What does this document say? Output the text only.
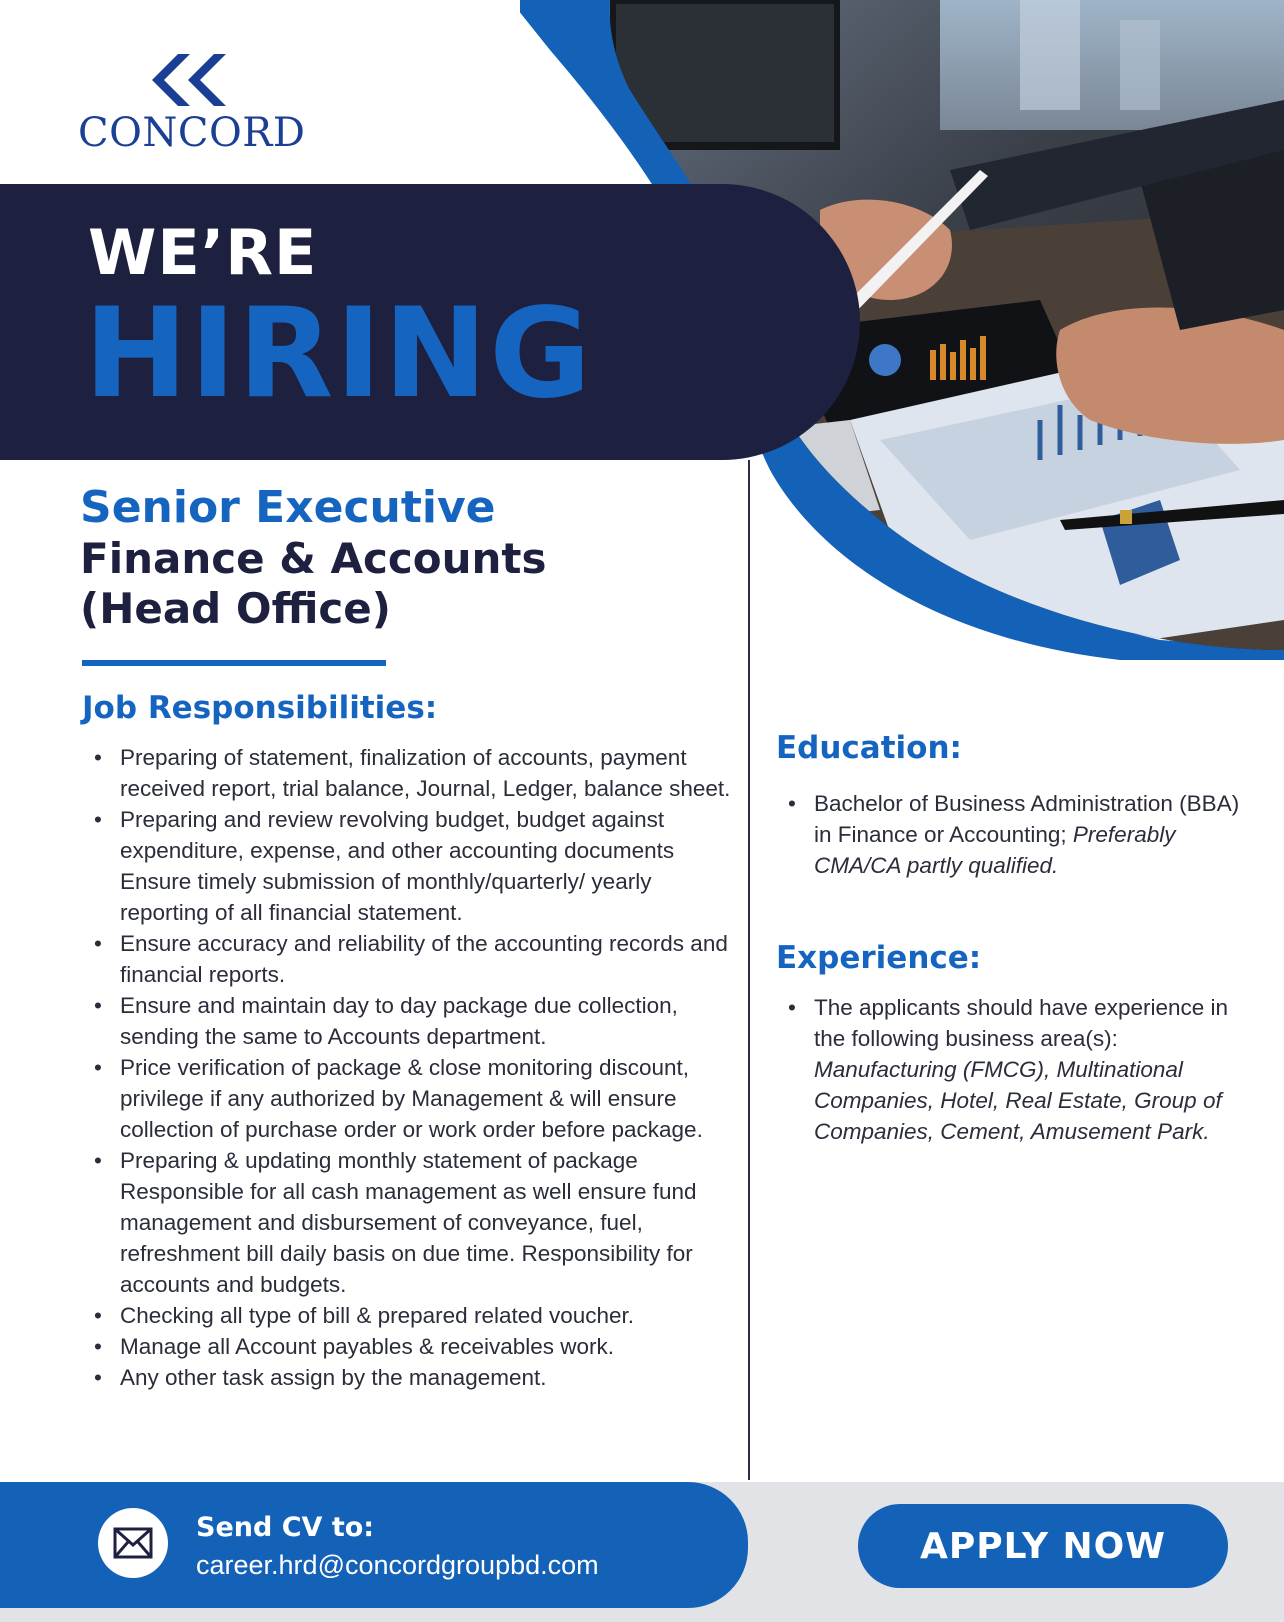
CONCORD
WE’RE
HIRING
Senior Executive
Finance & Accounts
(Head Office)
Job Responsibilities:
• Preparing of statement, finalization of accounts, payment received report, trial balance, Journal, Ledger, balance sheet.
• Preparing and review revolving budget, budget against expenditure, expense, and other accounting documents Ensure timely submission of monthly/quarterly/ yearly reporting of all financial statement.
• Ensure accuracy and reliability of the accounting records and financial reports.
• Ensure and maintain day to day package due collection, sending the same to Accounts department.
• Price verification of package & close monitoring discount, privilege if any authorized by Management & will ensure collection of purchase order or work order before package.
• Preparing & updating monthly statement of package Responsible for all cash management as well ensure fund management and disbursement of conveyance, fuel, refreshment bill daily basis on due time. Responsibility for accounts and budgets.
• Checking all type of bill & prepared related voucher.
• Manage all Account payables & receivables work.
• Any other task assign by the management.
Education:
• Bachelor of Business Administration (BBA) in Finance or Accounting; Preferably CMA/CA partly qualified.
Experience:
• The applicants should have experience in the following business area(s): Manufacturing (FMCG), Multinational Companies, Hotel, Real Estate, Group of Companies, Cement, Amusement Park.
Send CV to:
career.hrd@concordgroupbd.com	APPLY NOW
